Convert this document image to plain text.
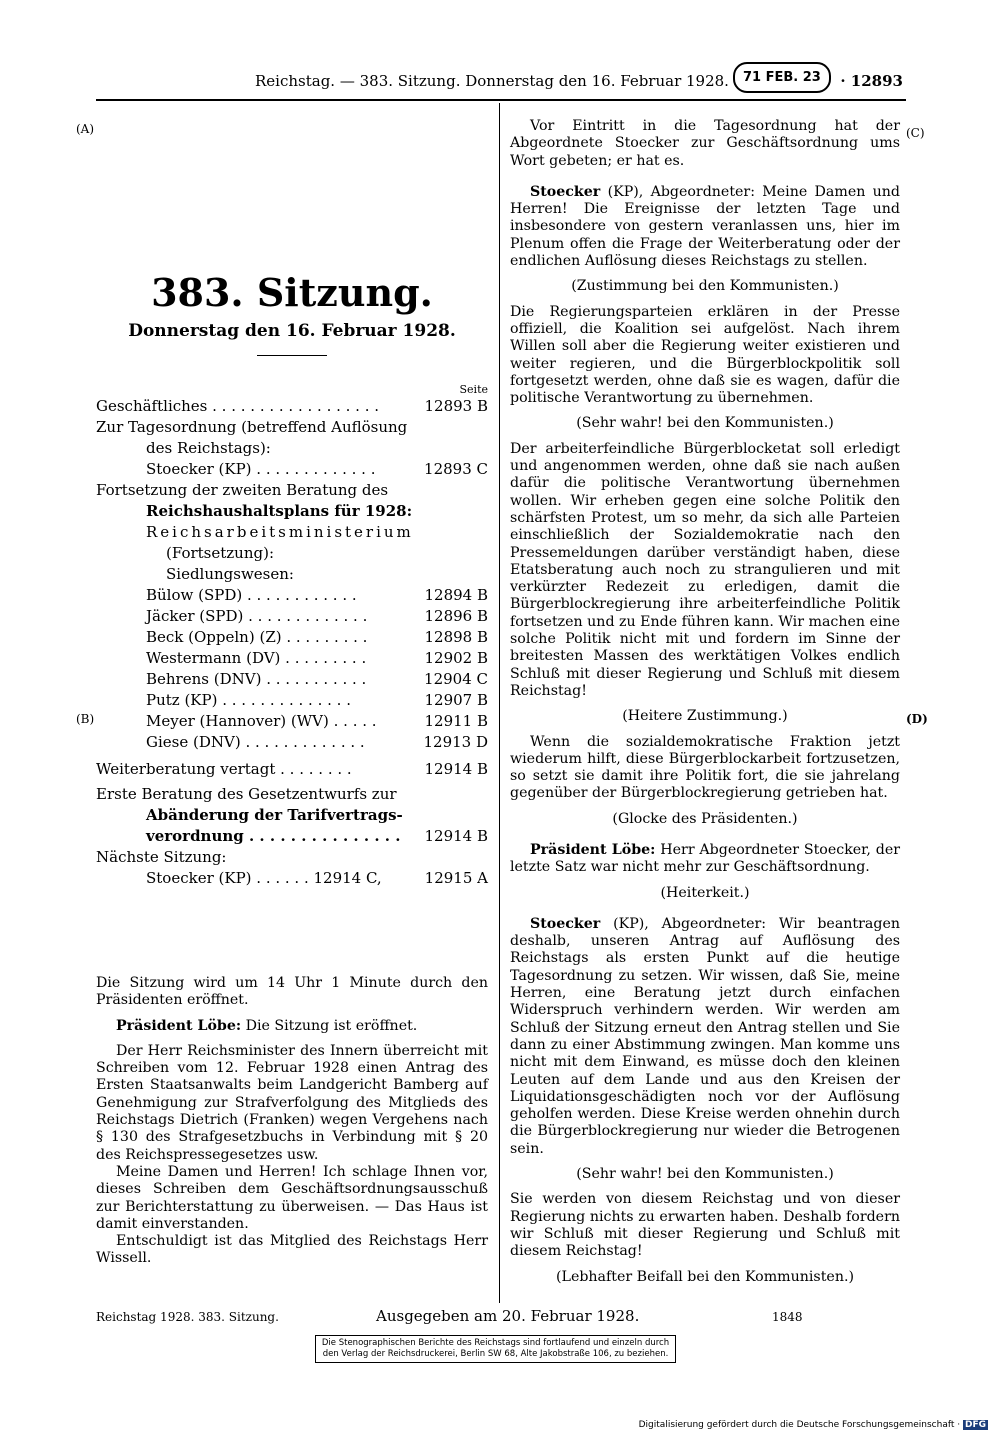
Reichstag. — 383. Sitzung. Donnerstag den 16. Februar 1928.	71 FEB. 23	· 12893
(A)
(B)
(C)
(D)
383. Sitzung.
Donnerstag den 16. Februar 1928.
Seite
Geschäftliches . . . . . . . . . . . . . . . . . .	12893 B
Zur Tagesordnung (betreffend Auflösung
des Reichstags):
Stoecker (KP) . . . . . . . . . . . . .	12893 C
Fortsetzung der zweiten Beratung des
Reichshaushaltsplans für 1928:
Reichsarbeitsministerium
(Fortsetzung):
Siedlungswesen:
Bülow (SPD) . . . . . . . . . . . .	12894 B
Jäcker (SPD) . . . . . . . . . . . . .	12896 B
Beck (Oppeln) (Z) . . . . . . . . .	12898 B
Westermann (DV) . . . . . . . . .	12902 B
Behrens (DNV) . . . . . . . . . . .	12904 C
Putz (KP) . . . . . . . . . . . . . .	12907 B
Meyer (Hannover) (WV) . . . . .	12911 B
Giese (DNV) . . . . . . . . . . . . .	12913 D
Weiterberatung vertagt . . . . . . . .	12914 B
Erste Beratung des Gesetzentwurfs zur
Abänderung der Tarifvertrags-
verordnung . . . . . . . . . . . . . . . 12914 B
Nächste Sitzung:
Stoecker (KP) . . . . . . 12914 C,	12915 A

Die Sitzung wird um 14 Uhr 1 Minute durch den Präsidenten eröffnet.

Präsident Löbe: Die Sitzung ist eröffnet.

Der Herr Reichsminister des Innern überreicht mit Schreiben vom 12. Februar 1928 einen Antrag des Ersten Staatsanwalts beim Landgericht Bamberg auf Genehmigung zur Strafverfolgung des Mitglieds des Reichstags Dietrich (Franken) wegen Vergehens nach § 130 des Strafgesetzbuchs in Verbindung mit § 20 des Reichspressegesetzes usw.

Meine Damen und Herren! Ich schlage Ihnen vor, dieses Schreiben dem Geschäftsordnungsausschuß zur Berichterstattung zu überweisen. — Das Haus ist damit einverstanden.

Entschuldigt ist das Mitglied des Reichstags Herr Wissell.

Vor Eintritt in die Tagesordnung hat der Abgeordnete Stoecker zur Geschäftsordnung ums Wort gebeten; er hat es.

Stoecker (KP), Abgeordneter: Meine Damen und Herren! Die Ereignisse der letzten Tage und insbesondere von gestern veranlassen uns, hier im Plenum offen die Frage der Weiterberatung oder der endlichen Auflösung dieses Reichstags zu stellen.

(Zustimmung bei den Kommunisten.)

Die Regierungsparteien erklären in der Presse offiziell, die Koalition sei aufgelöst. Nach ihrem Willen soll aber die Regierung weiter existieren und weiter regieren, und die Bürgerblockpolitik soll fortgesetzt werden, ohne daß sie es wagen, dafür die politische Verantwortung zu übernehmen.

(Sehr wahr! bei den Kommunisten.)

Der arbeiterfeindliche Bürgerblocketat soll erledigt und angenommen werden, ohne daß sie nach außen dafür die politische Verantwortung übernehmen wollen. Wir erheben gegen eine solche Politik den schärfsten Protest, um so mehr, da sich alle Parteien einschließlich der Sozialdemokratie nach den Pressemeldungen darüber verständigt haben, diese Etatsberatung auch noch zu strangulieren und mit verkürzter Redezeit zu erledigen, damit die Bürgerblockregierung ihre arbeiterfeindliche Politik fortsetzen und zu Ende führen kann. Wir machen eine solche Politik nicht mit und fordern im Sinne der breitesten Massen des werktätigen Volkes endlich Schluß mit dieser Regierung und Schluß mit diesem Reichstag!

(Heitere Zustimmung.)

Wenn die sozialdemokratische Fraktion jetzt wiederum hilft, diese Bürgerblockarbeit fortzusetzen, so setzt sie damit ihre Politik fort, die sie jahrelang gegenüber der Bürgerblockregierung getrieben hat.

(Glocke des Präsidenten.)

Präsident Löbe: Herr Abgeordneter Stoecker, der letzte Satz war nicht mehr zur Geschäftsordnung.

(Heiterkeit.)

Stoecker (KP), Abgeordneter: Wir beantragen deshalb, unseren Antrag auf Auflösung des Reichstags als ersten Punkt auf die heutige Tagesordnung zu setzen. Wir wissen, daß Sie, meine Herren, eine Beratung jetzt durch einfachen Widerspruch verhindern werden. Wir werden am Schluß der Sitzung erneut den Antrag stellen und Sie dann zu einer Abstimmung zwingen. Man komme uns nicht mit dem Einwand, es müsse doch den kleinen Leuten auf dem Lande und aus den Kreisen der Liquidationsgeschädigten noch vor der Auflösung geholfen werden. Diese Kreise werden ohnehin durch die Bürgerblockregierung nur wieder die Betrogenen sein.

(Sehr wahr! bei den Kommunisten.)

Sie werden von diesem Reichstag und von dieser Regierung nichts zu erwarten haben. Deshalb fordern wir Schluß mit dieser Regierung und Schluß mit diesem Reichstag!

(Lebhafter Beifall bei den Kommunisten.)

Reichstag 1928. 383. Sitzung.	Ausgegeben am 20. Februar 1928.	1848
Die Stenographischen Berichte des Reichstags sind fortlaufend und einzeln durch den Verlag der Reichsdruckerei, Berlin SW 68, Alte Jakobstraße 106, zu beziehen.
Digitalisierung gefördert durch die Deutsche Forschungsgemeinschaft · DFG
